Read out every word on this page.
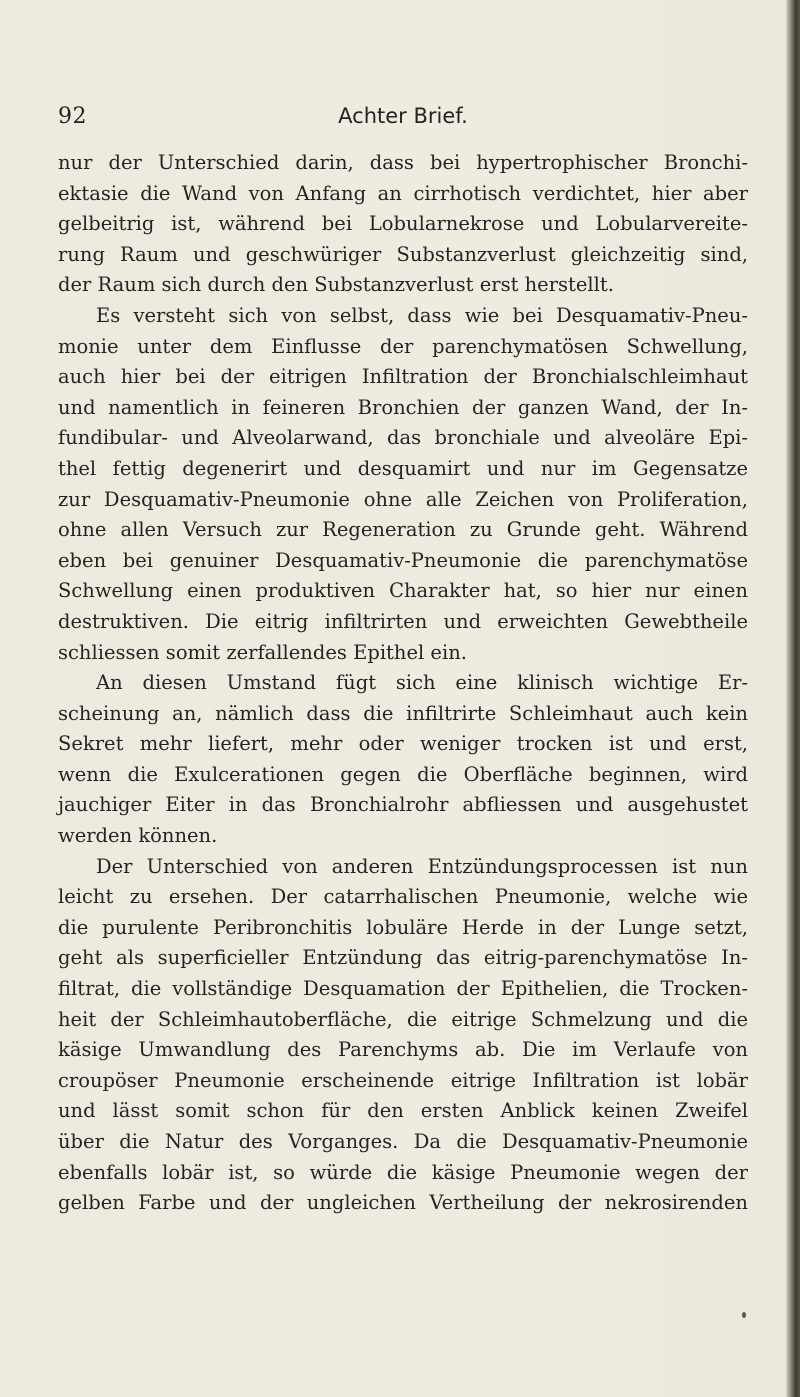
92	Achter Brief.
nur der Unterschied darin, dass bei hypertrophischer Bronchi-
ektasie die Wand von Anfang an cirrhotisch verdichtet, hier aber
gelbeitrig ist, während bei Lobularnekrose und Lobularvereite-
rung Raum und geschwüriger Substanzverlust gleichzeitig sind,
der Raum sich durch den Substanzverlust erst herstellt.
Es versteht sich von selbst, dass wie bei Desquamativ-Pneu-
monie unter dem Einflusse der parenchymatösen Schwellung,
auch hier bei der eitrigen Infiltration der Bronchialschleimhaut
und namentlich in feineren Bronchien der ganzen Wand, der In-
fundibular- und Alveolarwand, das bronchiale und alveoläre Epi-
thel fettig degenerirt und desquamirt und nur im Gegensatze
zur Desquamativ-Pneumonie ohne alle Zeichen von Proliferation,
ohne allen Versuch zur Regeneration zu Grunde geht. Während
eben bei genuiner Desquamativ-Pneumonie die parenchymatöse
Schwellung einen produktiven Charakter hat, so hier nur einen
destruktiven. Die eitrig infiltrirten und erweichten Gewebtheile
schliessen somit zerfallendes Epithel ein.
An diesen Umstand fügt sich eine klinisch wichtige Er-
scheinung an, nämlich dass die infiltrirte Schleimhaut auch kein
Sekret mehr liefert, mehr oder weniger trocken ist und erst,
wenn die Exulcerationen gegen die Oberfläche beginnen, wird
jauchiger Eiter in das Bronchialrohr abfliessen und ausgehustet
werden können.
Der Unterschied von anderen Entzündungsprocessen ist nun
leicht zu ersehen. Der catarrhalischen Pneumonie, welche wie
die purulente Peribronchitis lobuläre Herde in der Lunge setzt,
geht als superficieller Entzündung das eitrig-parenchymatöse In-
filtrat, die vollständige Desquamation der Epithelien, die Trocken-
heit der Schleimhautoberfläche, die eitrige Schmelzung und die
käsige Umwandlung des Parenchyms ab. Die im Verlaufe von
croupöser Pneumonie erscheinende eitrige Infiltration ist lobär
und lässt somit schon für den ersten Anblick keinen Zweifel
über die Natur des Vorganges. Da die Desquamativ-Pneumonie
ebenfalls lobär ist, so würde die käsige Pneumonie wegen der
gelben Farbe und der ungleichen Vertheilung der nekrosirenden
